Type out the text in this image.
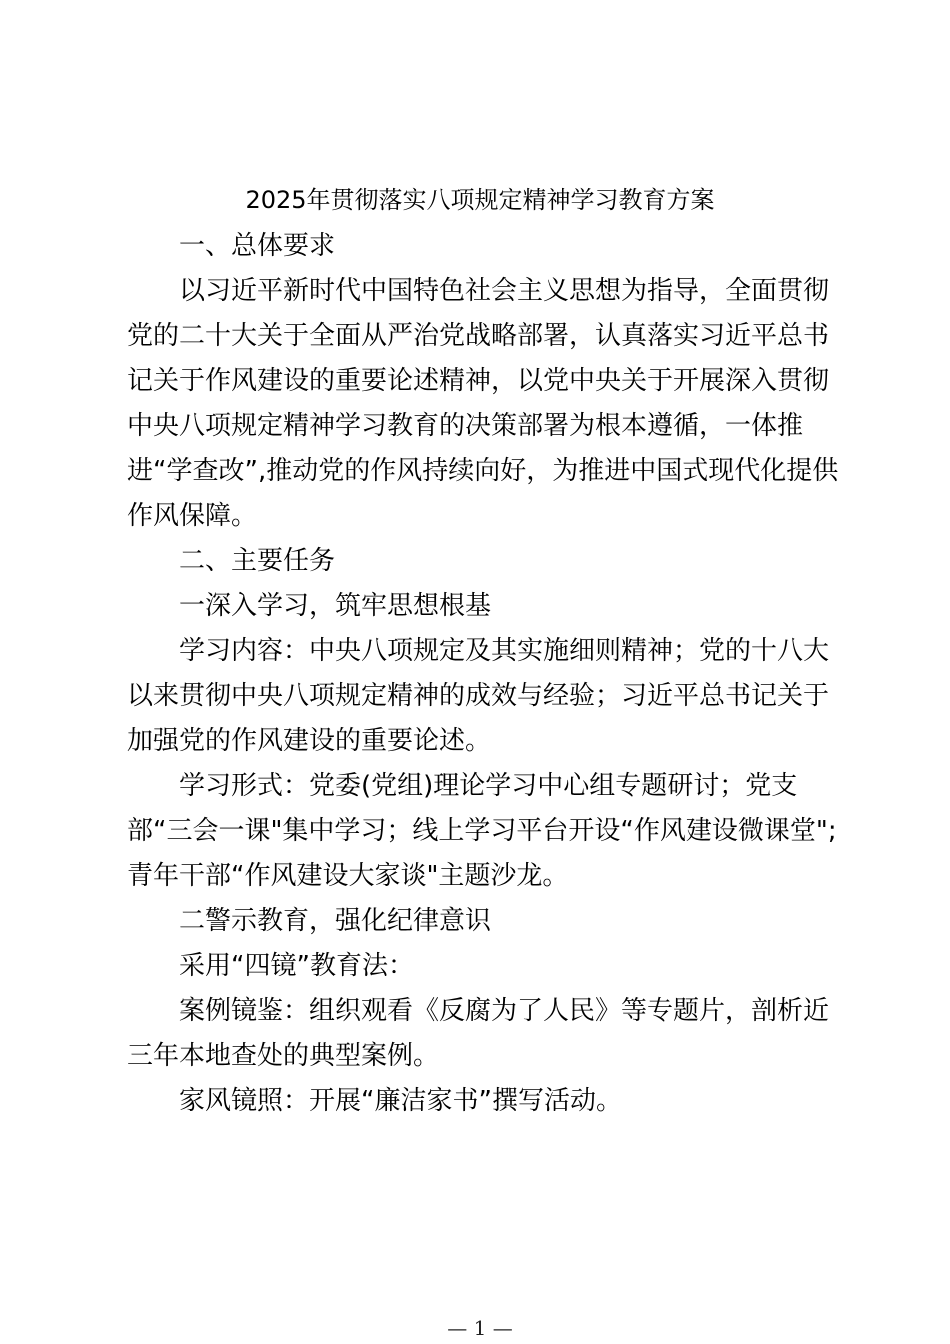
2025年贯彻落实八项规定精神学习教育方案

一、总体要求

以习近平新时代中国特色社会主义思想为指导，全面贯彻
党的二十大关于全面从严治党战略部署，认真落实习近平总书
记关于作风建设的重要论述精神，以党中央关于开展深入贯彻
中央八项规定精神学习教育的决策部署为根本遵循，一体推
进“学查改”,推动党的作风持续向好，为推进中国式现代化提供
作风保障。

二、主要任务

一深入学习，筑牢思想根基

学习内容：中央八项规定及其实施细则精神；党的十八大
以来贯彻中央八项规定精神的成效与经验；习近平总书记关于
加强党的作风建设的重要论述。

学习形式：党委(党组)理论学习中心组专题研讨；党支
部“三会一课"集中学习；线上学习平台开设“作风建设微课堂";
青年干部“作风建设大家谈"主题沙龙。

二警示教育，强化纪律意识

采用“四镜”教育法：

案例镜鉴：组织观看《反腐为了人民》等专题片，剖析近
三年本地查处的典型案例。

家风镜照：开展“廉洁家书”撰写活动。

— 1 —
